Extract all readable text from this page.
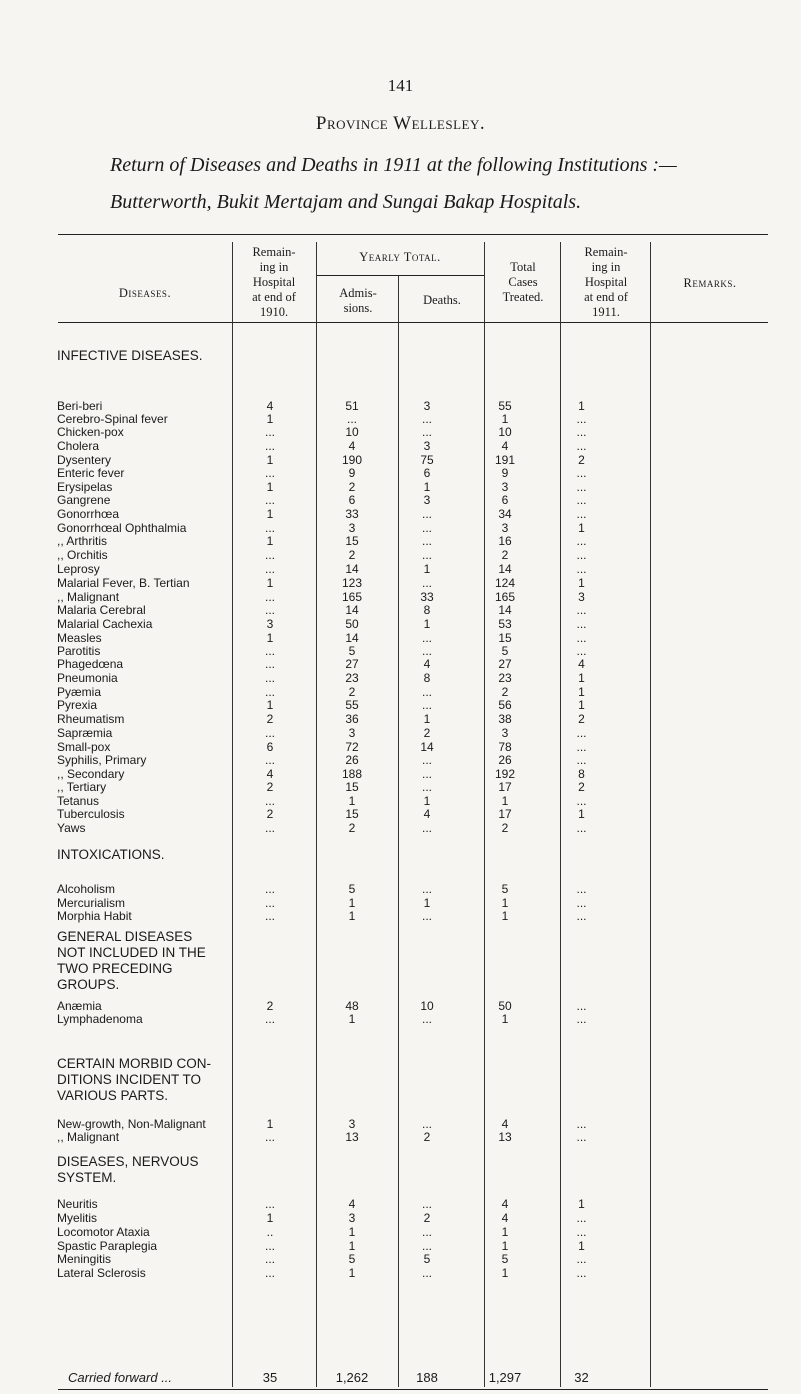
141
Province Wellesley.
Return of Diseases and Deaths in 1911 at the following Institutions :—
Butterworth, Bukit Mertajam and Sungai Bakap Hospitals.
Diseases.
Remain-
ing in
Hospital
at end of
1910.
Yearly Total.
Admis-
sions.
Deaths.
Total
Cases
Treated.
Remain-
ing in
Hospital
at end of
1911.
Remarks.
INFECTIVE DISEASES.
INTOXICATIONS.
GENERAL DISEASES
NOT INCLUDED IN THE
TWO PRECEDING
GROUPS.
CERTAIN MORBID CON-
DITIONS INCIDENT TO
VARIOUS PARTS.
DISEASES, NERVOUS
SYSTEM.
Beri-beri	4	51	3	55	1
Cerebro-Spinal fever	1	...	...	1	...
Chicken-pox	...	10	...	10	...
Cholera	...	4	3	4	...
Dysentery	1	190	75	191	2
Enteric fever	...	9	6	9	...
Erysipelas	1	2	1	3	...
Gangrene	...	6	3	6	...
Gonorrhœa	1	33	...	34	...
Gonorrhœal Ophthalmia	...	3	...	3	1
,, Arthritis	1	15	...	16	...
,, Orchitis	...	2	...	2	...
Leprosy	...	14	1	14	...
Malarial Fever, B. Tertian	1	123	...	124	1
,, Malignant	...	165	33	165	3
Malaria Cerebral	...	14	8	14	...
Malarial Cachexia	3	50	1	53	...
Measles	1	14	...	15	...
Parotitis	...	5	...	5	...
Phagedœna	...	27	4	27	4
Pneumonia	...	23	8	23	1
Pyæmia	...	2	...	2	1
Pyrexia	1	55	...	56	1
Rheumatism	2	36	1	38	2
Sapræmia	...	3	2	3	...
Small-pox	6	72	14	78	...
Syphilis, Primary	...	26	...	26	...
,, Secondary	4	188	...	192	8
,, Tertiary	2	15	...	17	2
Tetanus	...	1	1	1	...
Tuberculosis	2	15	4	17	1
Yaws	...	2	...	2	...
Alcoholism	...	5	...	5	...
Mercurialism	...	1	1	1	...
Morphia Habit	...	1	...	1	...
Anæmia	2	48	10	50	...
Lymphadenoma	...	1	...	1	...
New-growth, Non-Malignant	1	3	...	4	...
,, Malignant	...	13	2	13	...
Neuritis	...	4	...	4	1
Myelitis	1	3	2	4	...
Locomotor Ataxia	..	1	...	1	...
Spastic Paraplegia	...	1	...	1	1
Meningitis	...	5	5	5	...
Lateral Sclerosis	...	1	...	1	...
Carried forward ...	35	1,262	188	1,297	32
